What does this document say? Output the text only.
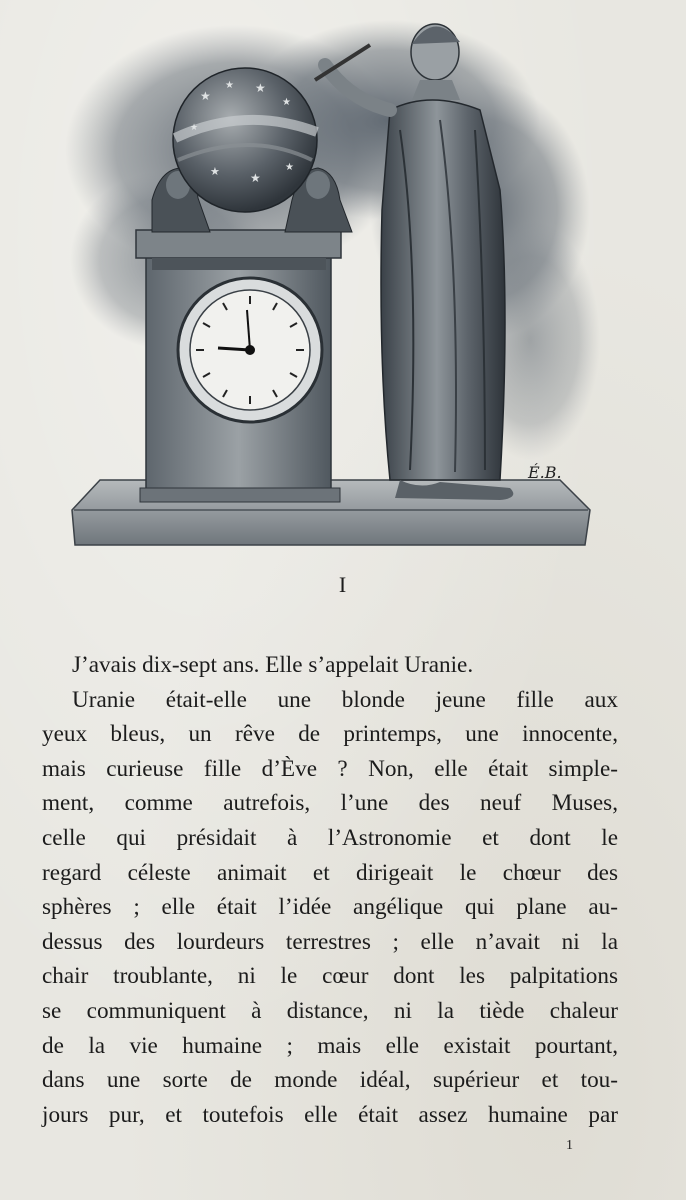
★
★ ★
★
★	★
★
★
É.B.
I
J’avais dix-sept ans. Elle s’appelait Uranie.
Uranie était-elle une blonde jeune fille aux
yeux bleus, un rêve de printemps, une innocente,
mais curieuse fille d’Ève ? Non, elle était simple-
ment, comme autrefois, l’une des neuf Muses,
celle qui présidait à l’Astronomie et dont le
regard céleste animait et dirigeait le chœur des
sphères ; elle était l’idée angélique qui plane au-
dessus des lourdeurs terrestres ; elle n’avait ni la
chair troublante, ni le cœur dont les palpitations
se communiquent à distance, ni la tiède chaleur
de la vie humaine ; mais elle existait pourtant,
dans une sorte de monde idéal, supérieur et tou-
jours pur, et toutefois elle était assez humaine par
1
